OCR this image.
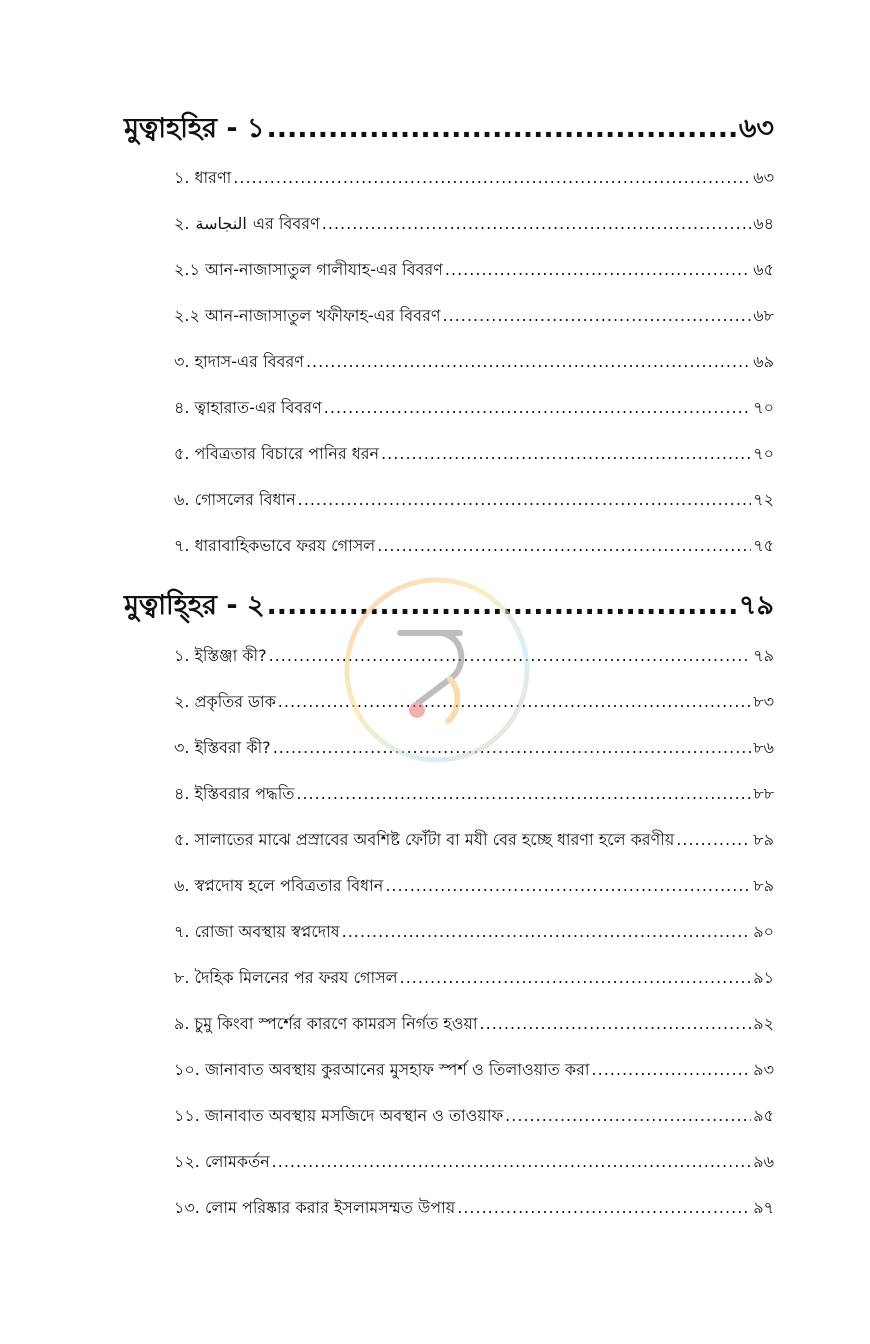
মুত্বাহহির - ১ .....	৬৩
১. ধারণা .....	৬৩
২. النجاسة এর বিবরণ .....	৬৪
২.১ আন-নাজাসাতুল গালীযাহ-এর বিবরণ .....	৬৫
২.২ আন-নাজাসাতুল খফীফাহ-এর বিবরণ .....	৬৮
৩. হাদাস-এর বিবরণ .....	৬৯
৪. ত্বাহারাত-এর বিবরণ .....	৭০
৫. পবিত্রতার বিচারে পানির ধরন .....	৭০
৬. গোসলের বিধান .....	৭২
৭. ধারাবাহিকভাবে ফরয গোসল .....	৭৫
মুত্বাহ্হির - ২ .....	৭৯
১. ইস্তিঞ্জা কী? .....	৭৯
২. প্রকৃতির ডাক .....	৮৩
৩. ইস্তিবরা কী? .....	৮৬
৪. ইস্তিবরার পদ্ধতি .....	৮৮
৫. সালাতের মাঝে প্রস্রাবের অবশিষ্ট ফোঁটা বা মযী বের হচ্ছে ধারণা হলে করণীয় .....	৮৯
৬. স্বপ্নদোষ হলে পবিত্রতার বিধান .....	৮৯
৭. রোজা অবস্থায় স্বপ্নদোষ .....	৯০
৮. দৈহিক মিলনের পর ফরয গোসল .....	৯১
৯. চুমু কিংবা স্পর্শের কারণে কামরস নির্গত হওয়া .....	৯২
১০. জানাবাত অবস্থায় কুরআনের মুসহাফ স্পর্শ ও তিলাওয়াত করা .....	৯৩
১১. জানাবাত অবস্থায় মসজিদে অবস্থান ও তাওয়াফ .....	৯৫
১২. লোমকর্তন .....	৯৬
১৩. লোম পরিষ্কার করার ইসলামসম্মত উপায় .....	৯৭
